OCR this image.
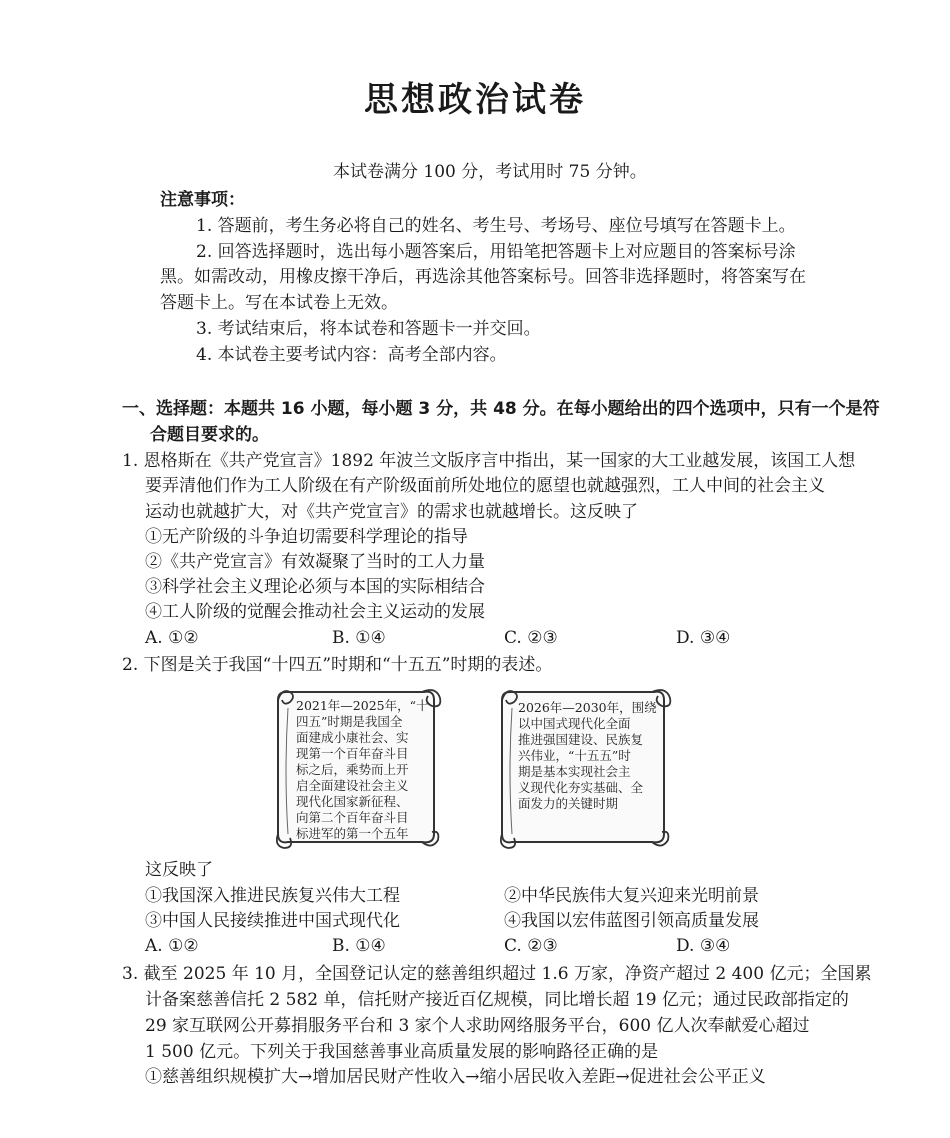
思想政治试卷
本试卷满分 100 分，考试用时 75 分钟。
注意事项：
1. 答题前，考生务必将自己的姓名、考生号、考场号、座位号填写在答题卡上。
2. 回答选择题时，选出每小题答案后，用铅笔把答题卡上对应题目的答案标号涂
黑。如需改动，用橡皮擦干净后，再选涂其他答案标号。回答非选择题时，将答案写在
答题卡上。写在本试卷上无效。
3. 考试结束后，将本试卷和答题卡一并交回。
4. 本试卷主要考试内容：高考全部内容。
一、选择题：本题共 16 小题，每小题 3 分，共 48 分。在每小题给出的四个选项中，只有一个是符
合题目要求的。
1. 恩格斯在《共产党宣言》1892 年波兰文版序言中指出，某一国家的大工业越发展，该国工人想
要弄清他们作为工人阶级在有产阶级面前所处地位的愿望也就越强烈，工人中间的社会主义
运动也就越扩大，对《共产党宣言》的需求也就越增长。这反映了
①无产阶级的斗争迫切需要科学理论的指导
②《共产党宣言》有效凝聚了当时的工人力量
③科学社会主义理论必须与本国的实际相结合
④工人阶级的觉醒会推动社会主义运动的发展
A. ①②	B. ①④	C. ②③	D. ③④
2. 下图是关于我国“十四五”时期和“十五五”时期的表述。
2021年—2025年，“十
四五”时期是我国全
面建成小康社会、实
现第一个百年奋斗目
标之后，乘势而上开
启全面建设社会主义
现代化国家新征程、
向第二个百年奋斗目
标进军的第一个五年
2026年—2030年，围绕
以中国式现代化全面
推进强国建设、民族复
兴伟业，“十五五”时
期是基本实现社会主
义现代化夯实基础、全
面发力的关键时期
这反映了
①我国深入推进民族复兴伟大工程	②中华民族伟大复兴迎来光明前景
③中国人民接续推进中国式现代化	④我国以宏伟蓝图引领高质量发展
A. ①②	B. ①④	C. ②③	D. ③④
3. 截至 2025 年 10 月，全国登记认定的慈善组织超过 1.6 万家，净资产超过 2 400 亿元；全国累
计备案慈善信托 2 582 单，信托财产接近百亿规模，同比增长超 19 亿元；通过民政部指定的
29 家互联网公开募捐服务平台和 3 家个人求助网络服务平台，600 亿人次奉献爱心超过
1 500 亿元。下列关于我国慈善事业高质量发展的影响路径正确的是
①慈善组织规模扩大→增加居民财产性收入→缩小居民收入差距→促进社会公平正义
